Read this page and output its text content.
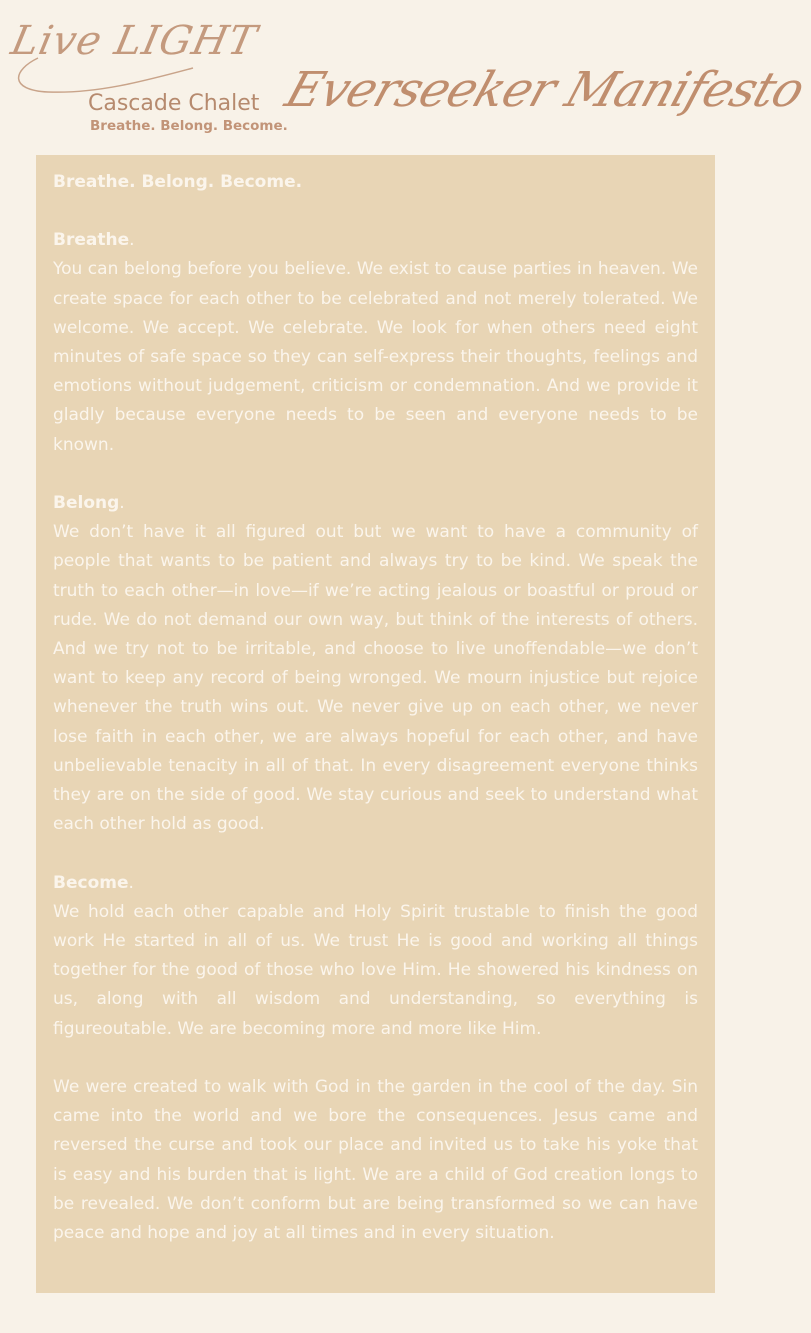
Live LIGHT
Cascade Chalet
Breathe. Belong. Become.
Everseeker Manifesto

Breathe. Belong. Become.

Breathe.

You can belong before you believe. We exist to cause parties in heaven. We create space for each other to be celebrated and not merely tolerated. We welcome. We accept. We celebrate. We look for when others need eight minutes of safe space so they can self-express their thoughts, feelings and emotions without judgement, criticism or condemnation. And we provide it gladly because everyone needs to be seen and everyone needs to be known.

Belong.

We don’t have it all figured out but we want to have a community of people that wants to be patient and always try to be kind. We speak the truth to each other—in love—if we’re acting jealous or boastful or proud or rude. We do not demand our own way, but think of the interests of others. And we try not to be irritable, and choose to live unoffendable—we don’t want to keep any record of being wronged. We mourn injustice but rejoice whenever the truth wins out. We never give up on each other, we never lose faith in each other, we are always hopeful for each other, and have unbelievable tenacity in all of that. In every disagreement everyone thinks they are on the side of good. We stay curious and seek to understand what each other hold as good.

Become.

We hold each other capable and Holy Spirit trustable to finish the good work He started in all of us. We trust He is good and working all things together for the good of those who love Him. He showered his kindness on us, along with all wisdom and understanding, so everything is figureoutable. We are becoming more and more like Him.

We were created to walk with God in the garden in the cool of the day. Sin came into the world and we bore the consequences. Jesus came and reversed the curse and took our place and invited us to take his yoke that is easy and his burden that is light. We are a child of God creation longs to be revealed. We don’t conform but are being transformed so we can have peace and hope and joy at all times and in every situation.
